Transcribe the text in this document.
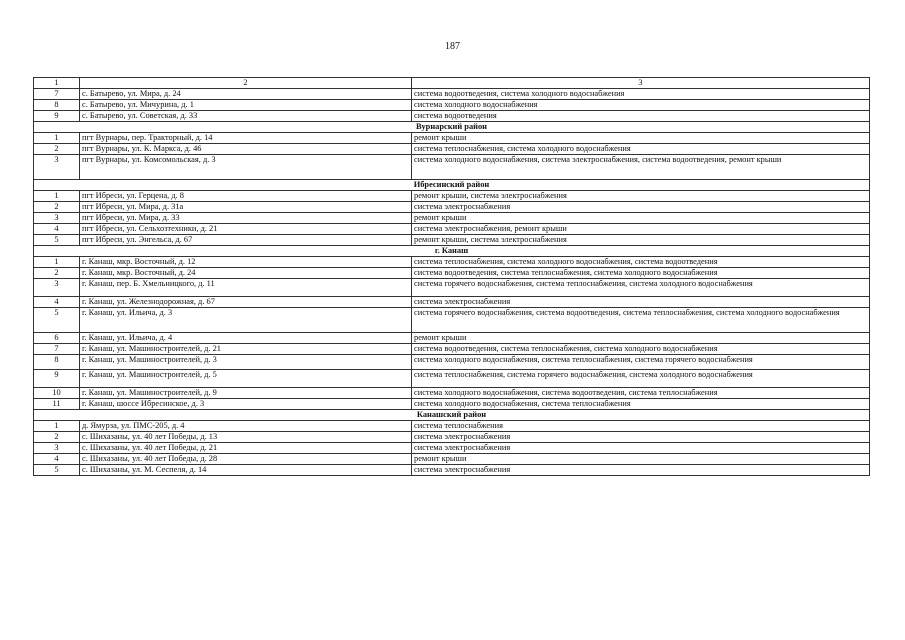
187
1	2	3
7	с. Батырево, ул. Мира, д. 24	система водоотведения, система холодного водоснабжения
8	с. Батырево, ул. Мичурина, д. 1	система холодного водоснабжения
9	с. Батырево, ул. Советская, д. 33	система водоотведения
Вурнарский район		
1	пгт Вурнары, пер. Тракторный, д. 14	ремонт крыши
2	пгт Вурнары, ул. К. Маркса, д. 46	система теплоснабжения, система холодного водоснабжения
3	пгт Вурнары, ул. Комсомольская, д. 3	система холодного водоснабжения, система электроснабжения, система водоотведения, ремонт крыши
Ибресинский район		
1	пгт Ибреси, ул. Герцена, д. 8	ремонт крыши, система электроснабжения
2	пгт Ибреси, ул. Мира, д. 31а	система электроснабжения
3	пгт Ибреси, ул. Мира, д. 33	ремонт крыши
4	пгт Ибреси, ул. Сельхозтехники, д. 21	система электроснабжения, ремонт крыши
5	пгт Ибреси, ул. Энгельса, д. 67	ремонт крыши, система электроснабжения
г. Канаш		
1	г. Канаш, мкр. Восточный, д. 12	система теплоснабжения, система холодного водоснабжения, система водоотведения
2	г. Канаш, мкр. Восточный, д. 24	система водоотведения, система теплоснабжения, система холодного водоснабжения
3	г. Канаш, пер. Б. Хмельницкого, д. 11	система горячего водоснабжения, система теплоснабжения, система холодного водоснабжения
4	г. Канаш, ул. Железнодорожная, д. 67	система электроснабжения
5	г. Канаш, ул. Ильича, д. 3	система горячего водоснабжения, система водоотведения, система теплоснабжения, система холодного водоснабжения
6	г. Канаш, ул. Ильича, д. 4	ремонт крыши
7	г. Канаш, ул. Машиностроителей, д. 21	система водоотведения, система теплоснабжения, система холодного водоснабжения
8	г. Канаш, ул. Машиностроителей, д. 3	система холодного водоснабжения, система теплоснабжения, система горячего водоснабжения
9	г. Канаш, ул. Машиностроителей, д. 5	система теплоснабжения, система горячего водоснабжения, система холодного водоснабжения
10	г. Канаш, ул. Машиностроителей, д. 9	система холодного водоснабжения, система водоотведения, система теплоснабжения
11	г. Канаш, шоссе Ибресинское, д. 3	система холодного водоснабжения, система теплоснабжения
Канашский район		
1	д. Ямурза, ул. ПМС-205, д. 4	система теплоснабжения
2	с. Шихазаны, ул. 40 лет Победы, д. 13	система электроснабжения
3	с. Шихазаны, ул. 40 лет Победы, д. 21	система электроснабжения
4	с. Шихазаны, ул. 40 лет Победы, д. 28	ремонт крыши
5	с. Шихазаны, ул. М. Сеспеля, д. 14	система электроснабжения
